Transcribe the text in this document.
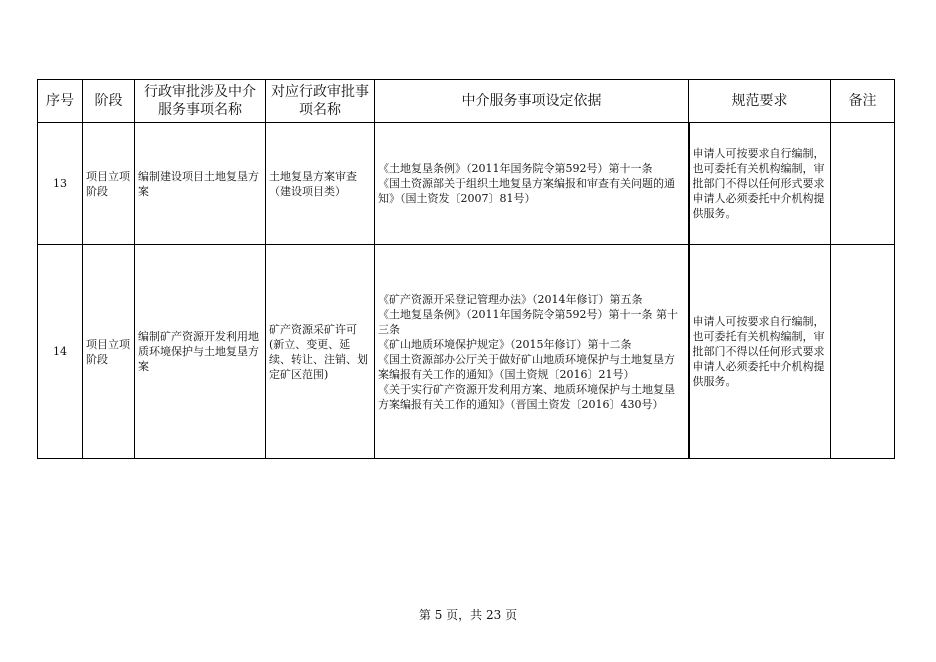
序号	阶段	行政审批涉及中介服务事项名称	对应行政审批事项名称	中介服务事项设定依据	规范要求	备注
13	项目立项阶段	编制建设项目土地复垦方案	土地复垦方案审查（建设项目类）	《土地复垦条例》（2011年国务院令第592号）第十一条
《国土资源部关于组织土地复垦方案编报和审查有关问题的通知》（国土资发〔2007〕81号）	申请人可按要求自行编制，也可委托有关机构编制，审批部门不得以任何形式要求申请人必须委托中介机构提供服务。	
14	项目立项阶段	编制矿产资源开发利用地质环境保护与土地复垦方案	矿产资源采矿许可(新立、变更、延续、转让、注销、划定矿区范围)	《矿产资源开采登记管理办法》（2014年修订）第五条
《土地复垦条例》（2011年国务院令第592号）第十一条 第十三条
《矿山地质环境保护规定》（2015年修订）第十二条
《国土资源部办公厅关于做好矿山地质环境保护与土地复垦方案编报有关工作的通知》（国土资规〔2016〕21号）
《关于实行矿产资源开发利用方案、地质环境保护与土地复垦方案编报有关工作的通知》（晋国土资发〔2016〕430号）	申请人可按要求自行编制，也可委托有关机构编制，审批部门不得以任何形式要求申请人必须委托中介机构提供服务。	
第 5 页，共 23 页
